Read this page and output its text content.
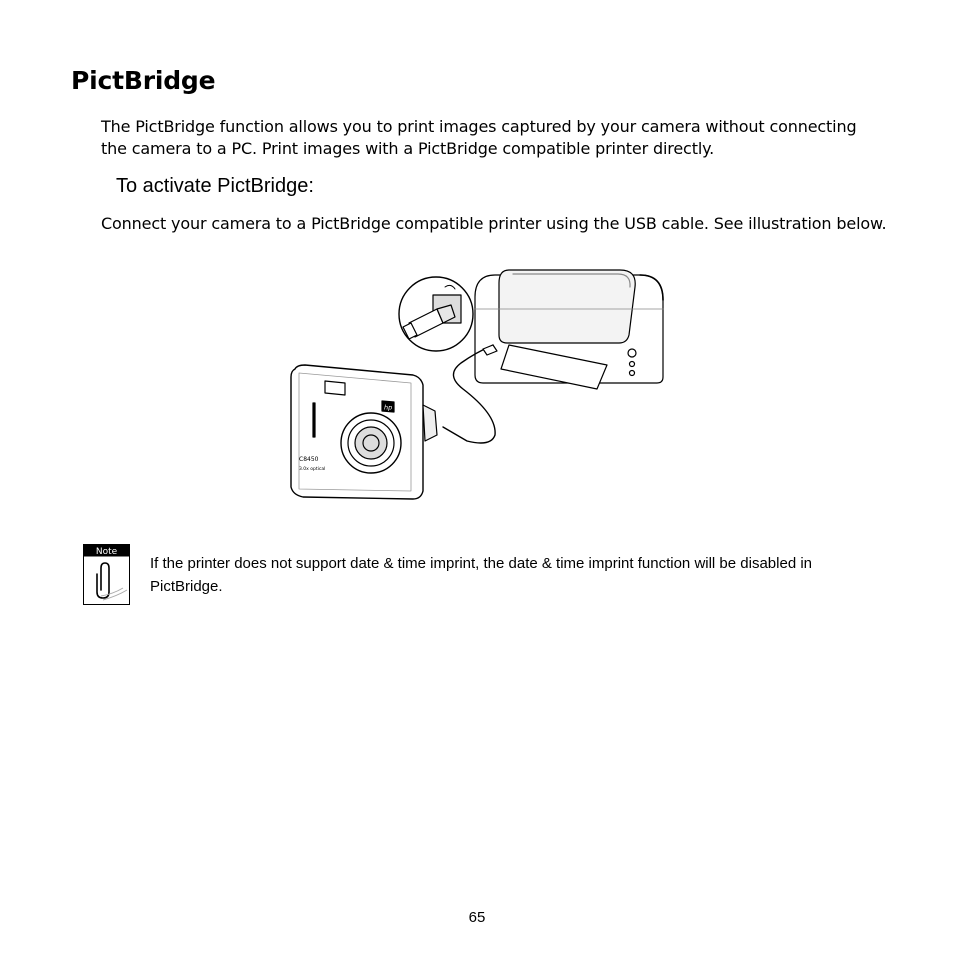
PictBridge
The PictBridge function allows you to print images captured by your camera without connecting the camera to a PC. Print images with a PictBridge compatible printer directly.
To activate PictBridge:
Connect your camera to a PictBridge compatible printer using the USB cable. See illustration below.
hp
C8450
3.0x optical
Note
If the printer does not support date & time imprint, the date & time imprint function will be disabled in PictBridge.
65
